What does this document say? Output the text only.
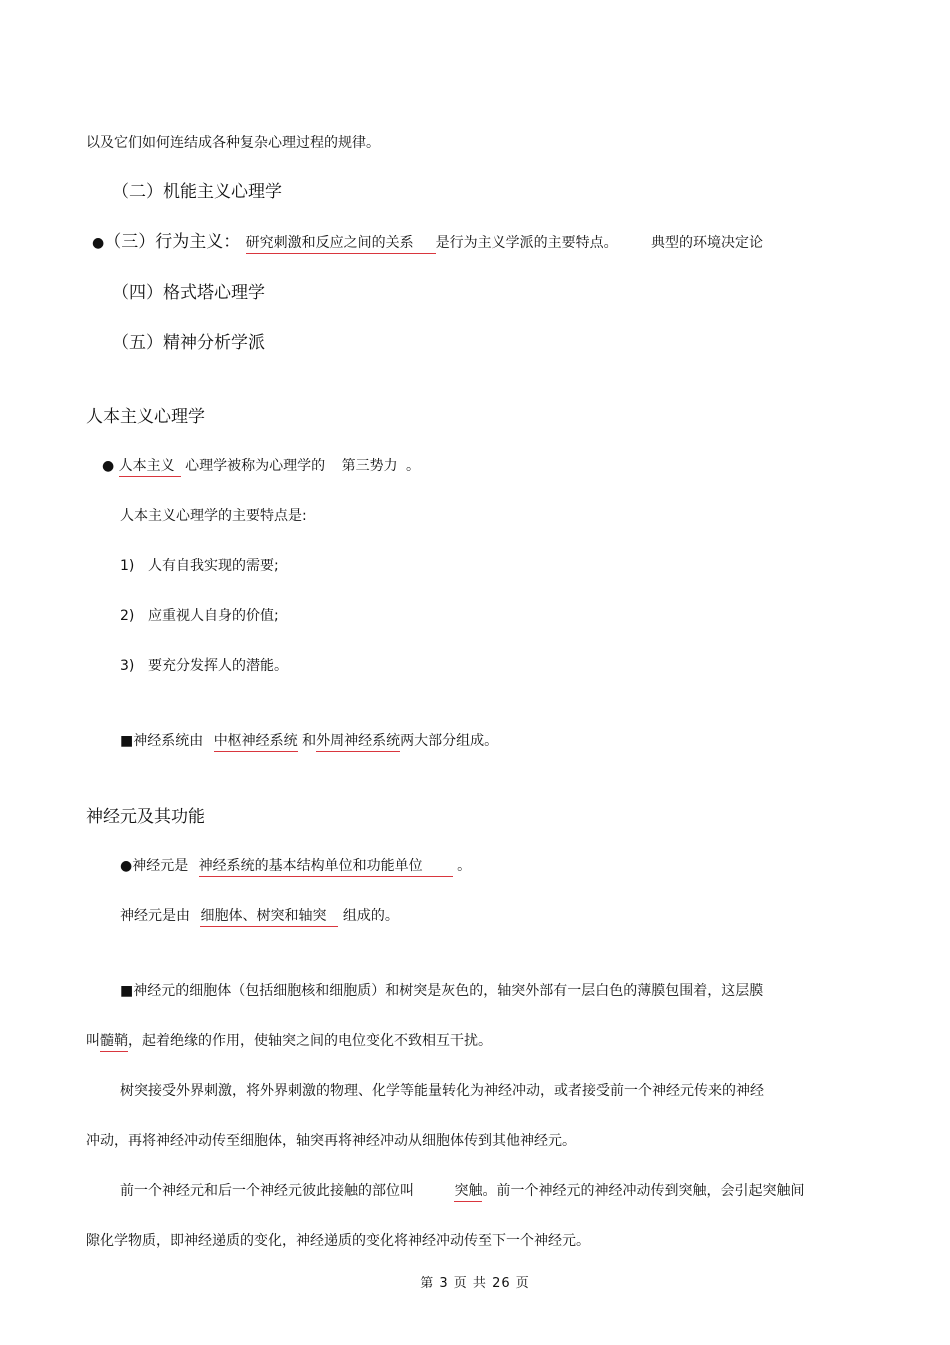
以及它们如何连结成各种复杂心理过程的规律。
（二）机能主义心理学
●（三）行为主义： 研究刺激和反应之间的关系 是行为主义学派的主要特点。 典型的环境决定论
（四）格式塔心理学
（五）精神分析学派
人本主义心理学
● 人本主义 心理学被称为心理学的 第三势力 。
人本主义心理学的主要特点是:
1) 人有自我实现的需要;
2) 应重视人自身的价值;
3) 要充分发挥人的潜能。
■神经系统由 中枢神经系统 和外周神经系统两大部分组成。
神经元及其功能
●神经元是 神经系统的基本结构单位和功能单位 。
神经元是由 细胞体、树突和轴突 组成的。
■神经元的细胞体（包括细胞核和细胞质）和树突是灰色的，轴突外部有一层白色的薄膜包围着，这层膜
叫髓鞘，起着绝缘的作用，使轴突之间的电位变化不致相互干扰。
树突接受外界刺激，将外界刺激的物理、化学等能量转化为神经冲动，或者接受前一个神经元传来的神经
冲动，再将神经冲动传至细胞体，轴突再将神经冲动从细胞体传到其他神经元。
前一个神经元和后一个神经元彼此接触的部位叫	突触。前一个神经元的神经冲动传到突触，会引起突触间
隙化学物质，即神经递质的变化，神经递质的变化将神经冲动传至下一个神经元。
第 3 页 共 26 页
